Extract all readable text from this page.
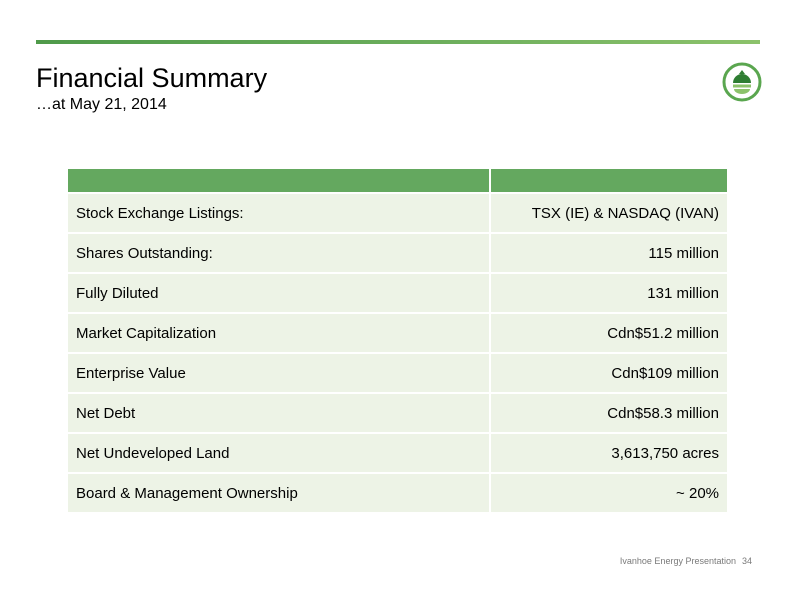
Financial Summary
…at May 21, 2014

Stock Exchange Listings:	TSX (IE) & NASDAQ (IVAN)
Shares Outstanding:	115 million
Fully Diluted	131 million
Market Capitalization	Cdn$51.2 million
Enterprise Value	Cdn$109 million
Net Debt	Cdn$58.3 million
Net Undeveloped Land	3,613,750 acres
Board & Management Ownership	~ 20%
Ivanhoe Energy Presentation 34
